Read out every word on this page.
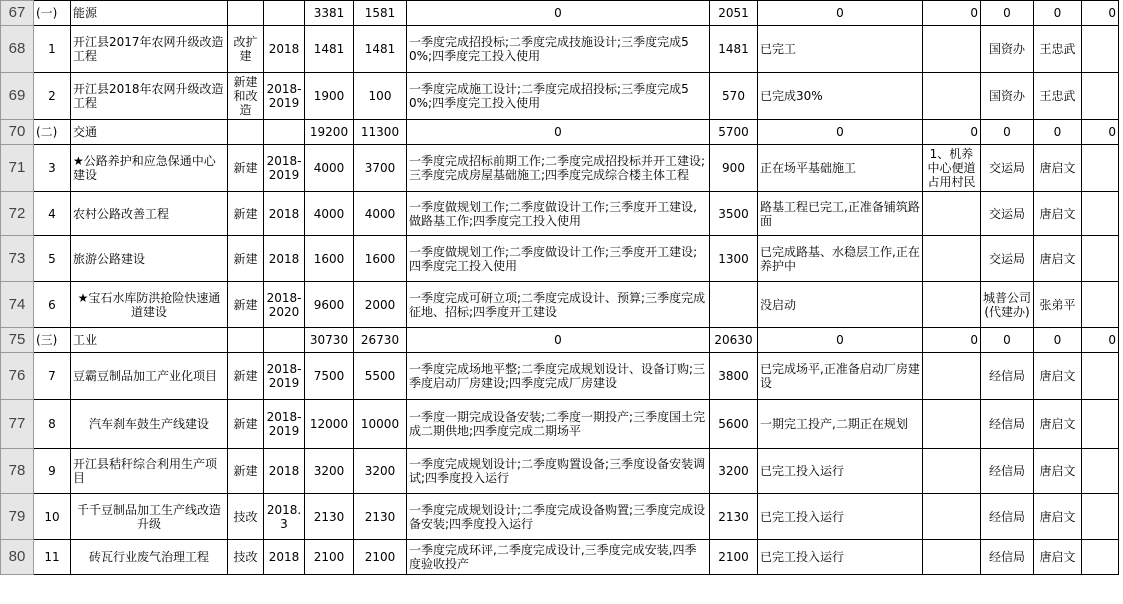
67	(一)	能源			3381	1581	0	2051	0	0	0	0	0
68	1	开江县2017年农网升级改造工程	改扩建	2018	1481	1481	一季度完成招投标;二季度完成技施设计;三季度完成50%;四季度完工投入使用	1481	已完工		国资办	王忠武	
69	2	开江县2018年农网升级改造工程	新建和改造	2018-2019	1900	100	一季度完成施工设计;二季度完成招投标;三季度完成50%;四季度完工投入使用	570	已完成30%		国资办	王忠武	
70	(二)	交通			19200	11300	0	5700	0	0	0	0	0
71	3	★公路养护和应急保通中心建设	新建	2018-2019	4000	3700	一季度完成招标前期工作;二季度完成招投标并开工建设;三季度完成房屋基础施工;四季度完成综合楼主体工程	900	正在场平基础施工	1、机养中心便道占用村民	交运局	唐启文	
72	4	农村公路改善工程	新建	2018	4000	4000	一季度做规划工作;二季度做设计工作;三季度开工建设,做路基工作;四季度完工投入使用	3500	路基工程已完工,正准备铺筑路面		交运局	唐启文	
73	5	旅游公路建设	新建	2018	1600	1600	一季度做规划工作;二季度做设计工作;三季度开工建设;四季度完工投入使用	1300	已完成路基、水稳层工作,正在养护中		交运局	唐启文	
74	6	★宝石水库防洪抢险快速通道建设	新建	2018-2020	9600	2000	一季度完成可研立项;二季度完成设计、预算;三季度完成征地、招标;四季度开工建设		没启动		城普公司(代建办)	张弟平	
75	(三)	工业			30730	26730	0	20630	0	0	0	0	0
76	7	豆霸豆制品加工产业化项目	新建	2018-2019	7500	5500	一季度完成场地平整;二季度完成规划设计、设备订购;三季度启动厂房建设;四季度完成厂房建设	3800	已完成场平,正准备启动厂房建设		经信局	唐启文	
77	8	汽车刹车鼓生产线建设	新建	2018-2019	12000	10000	一季度一期完成设备安装;二季度一期投产;三季度国土完成二期供地;四季度完成二期场平	5600	一期完工投产,二期正在规划		经信局	唐启文	
78	9	开江县秸秆综合利用生产项目	新建	2018	3200	3200	一季度完成规划设计;二季度购置设备;三季度设备安装调试;四季度投入运行	3200	已完工投入运行		经信局	唐启文	
79	10	千千豆制品加工生产线改造升级	技改	2018.3	2130	2130	一季度完成规划设计;二季度完成设备购置;三季度完成设备安装;四季度投入运行	2130	已完工投入运行		经信局	唐启文	
80	11	砖瓦行业废气治理工程	技改	2018	2100	2100	一季度完成环评,二季度完成设计,三季度完成安装,四季度验收投产	2100	已完工投入运行		经信局	唐启文	
